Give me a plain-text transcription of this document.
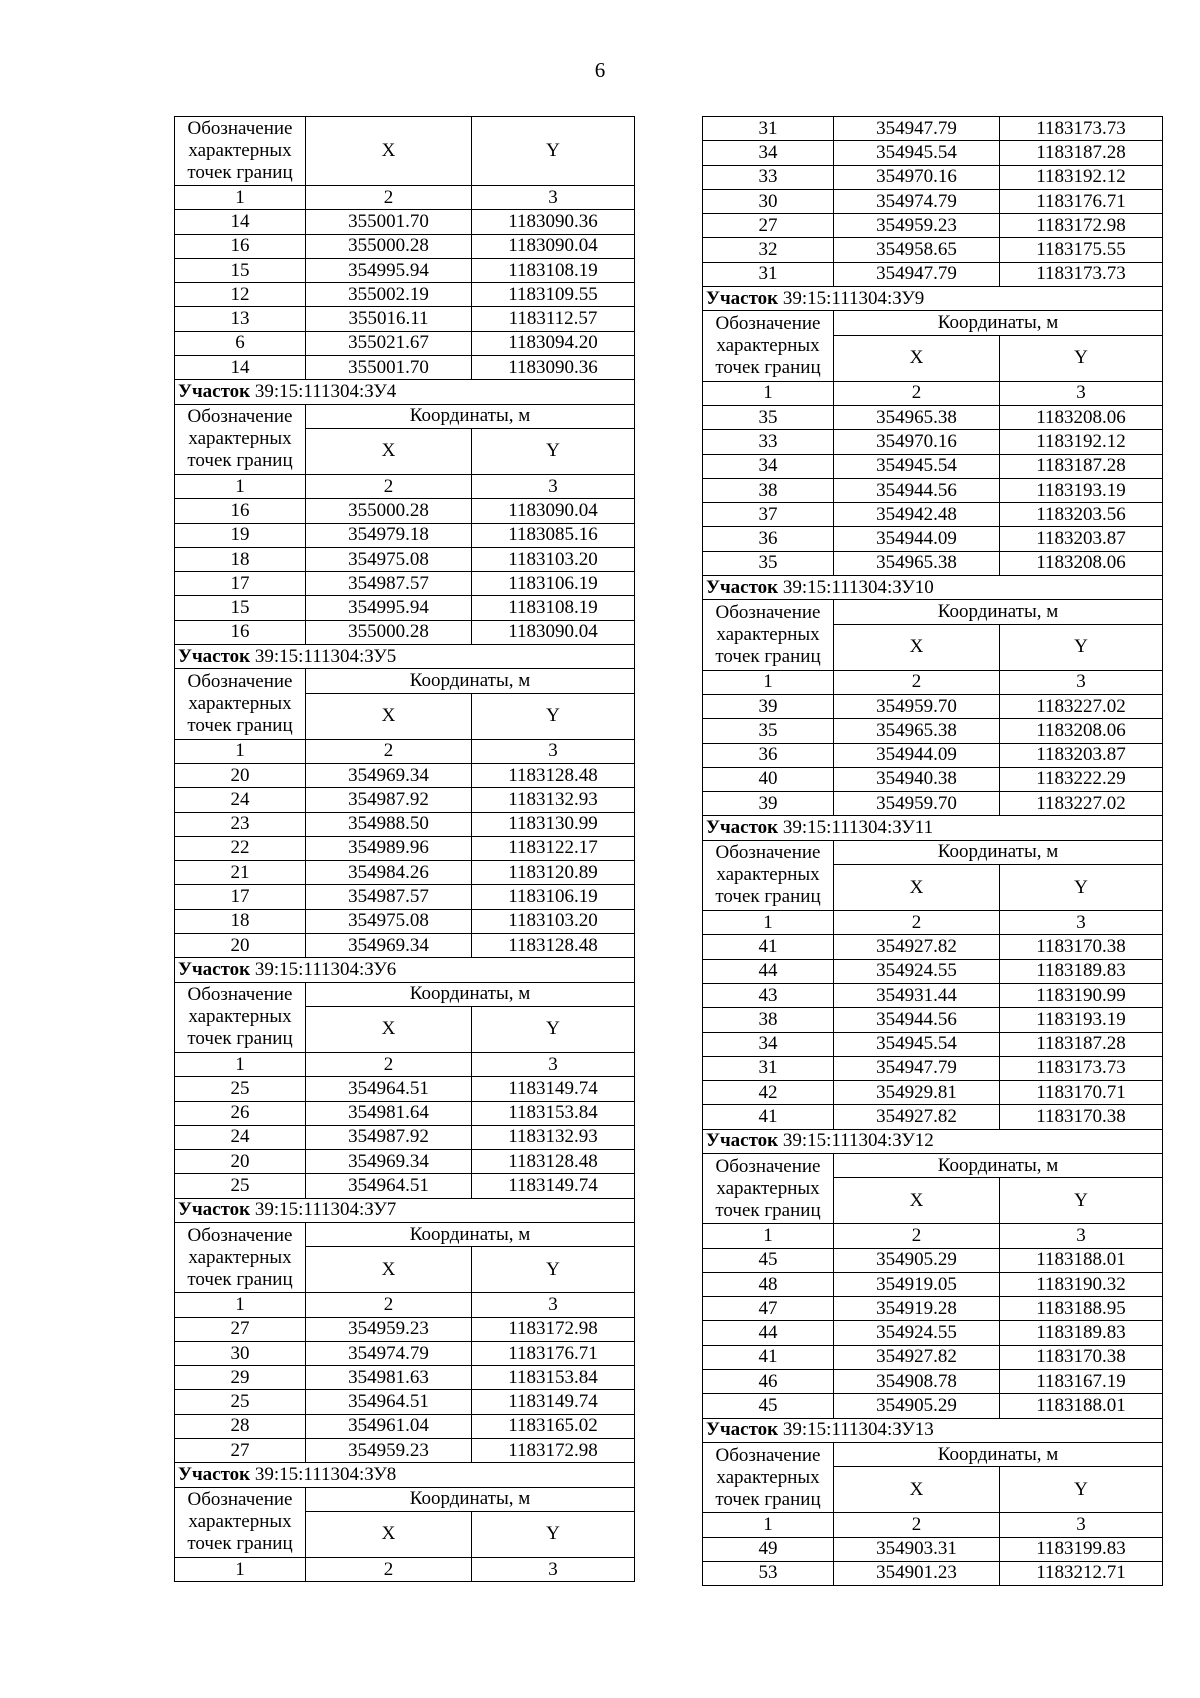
6
Обозначение характерных точек границ	X	Y
1	2	3
14	355001.70	1183090.36
16	355000.28	1183090.04
15	354995.94	1183108.19
12	355002.19	1183109.55
13	355016.11	1183112.57
6	355021.67	1183094.20
14	355001.70	1183090.36
Участок 39:15:111304:ЗУ4		
Обозначение характерных точек границ	Координаты, м	
	X	Y
1	2	3
16	355000.28	1183090.04
19	354979.18	1183085.16
18	354975.08	1183103.20
17	354987.57	1183106.19
15	354995.94	1183108.19
16	355000.28	1183090.04
Участок 39:15:111304:ЗУ5		
Обозначение характерных точек границ	Координаты, м	
	X	Y
1	2	3
20	354969.34	1183128.48
24	354987.92	1183132.93
23	354988.50	1183130.99
22	354989.96	1183122.17
21	354984.26	1183120.89
17	354987.57	1183106.19
18	354975.08	1183103.20
20	354969.34	1183128.48
Участок 39:15:111304:ЗУ6		
Обозначение характерных точек границ	Координаты, м	
	X	Y
1	2	3
25	354964.51	1183149.74
26	354981.64	1183153.84
24	354987.92	1183132.93
20	354969.34	1183128.48
25	354964.51	1183149.74
Участок 39:15:111304:ЗУ7		
Обозначение характерных точек границ	Координаты, м	
	X	Y
1	2	3
27	354959.23	1183172.98
30	354974.79	1183176.71
29	354981.63	1183153.84
25	354964.51	1183149.74
28	354961.04	1183165.02
27	354959.23	1183172.98
Участок 39:15:111304:ЗУ8		
Обозначение характерных точек границ	Координаты, м	
	X	Y
1	2	3
31	354947.79	1183173.73
34	354945.54	1183187.28
33	354970.16	1183192.12
30	354974.79	1183176.71
27	354959.23	1183172.98
32	354958.65	1183175.55
31	354947.79	1183173.73
Участок 39:15:111304:ЗУ9		
Обозначение характерных точек границ	Координаты, м	
	X	Y
1	2	3
35	354965.38	1183208.06
33	354970.16	1183192.12
34	354945.54	1183187.28
38	354944.56	1183193.19
37	354942.48	1183203.56
36	354944.09	1183203.87
35	354965.38	1183208.06
Участок 39:15:111304:ЗУ10		
Обозначение характерных точек границ	Координаты, м	
	X	Y
1	2	3
39	354959.70	1183227.02
35	354965.38	1183208.06
36	354944.09	1183203.87
40	354940.38	1183222.29
39	354959.70	1183227.02
Участок 39:15:111304:ЗУ11		
Обозначение характерных точек границ	Координаты, м	
	X	Y
1	2	3
41	354927.82	1183170.38
44	354924.55	1183189.83
43	354931.44	1183190.99
38	354944.56	1183193.19
34	354945.54	1183187.28
31	354947.79	1183173.73
42	354929.81	1183170.71
41	354927.82	1183170.38
Участок 39:15:111304:ЗУ12		
Обозначение характерных точек границ	Координаты, м	
	X	Y
1	2	3
45	354905.29	1183188.01
48	354919.05	1183190.32
47	354919.28	1183188.95
44	354924.55	1183189.83
41	354927.82	1183170.38
46	354908.78	1183167.19
45	354905.29	1183188.01
Участок 39:15:111304:ЗУ13		
Обозначение характерных точек границ	Координаты, м	
	X	Y
1	2	3
49	354903.31	1183199.83
53	354901.23	1183212.71
